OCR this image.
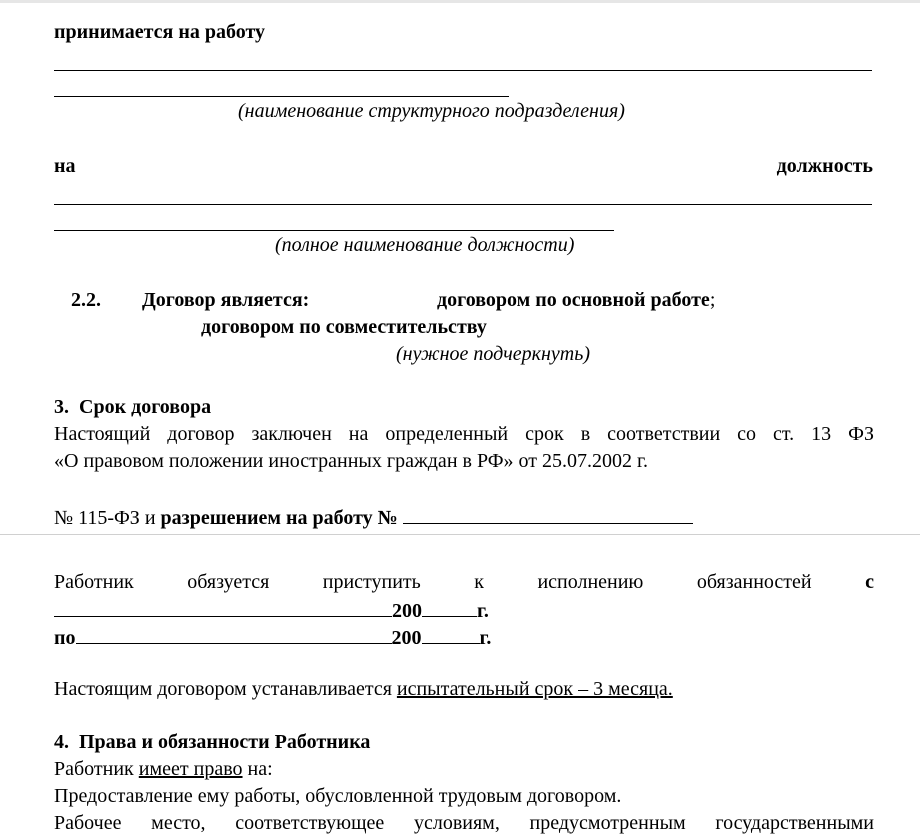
принимается на работу
(наименование структурного подразделения)
на	должность
(полное наименование должности)
2.2. Договор является:	договором по основной работе;
договором по совместительству
(нужное подчеркнуть)
3. Срок договора
Настоящий договор заключен на определенный срок в соответствии со ст. 13 ФЗ
«О правовом положении иностранных граждан в РФ» от 25.07.2002 г.
№ 115-ФЗ и разрешением на работу №
Работник	обязуется	приступить	к	исполнению	обязанностей	с
200	г.
по	200	г.
Настоящим договором устанавливается испытательный срок – 3 месяца.
4. Права и обязанности Работника
Работник имеет право на:
Предоставление ему работы, обусловленной трудовым договором.
Рабочее место, соответствующее условиям, предусмотренным государственными
